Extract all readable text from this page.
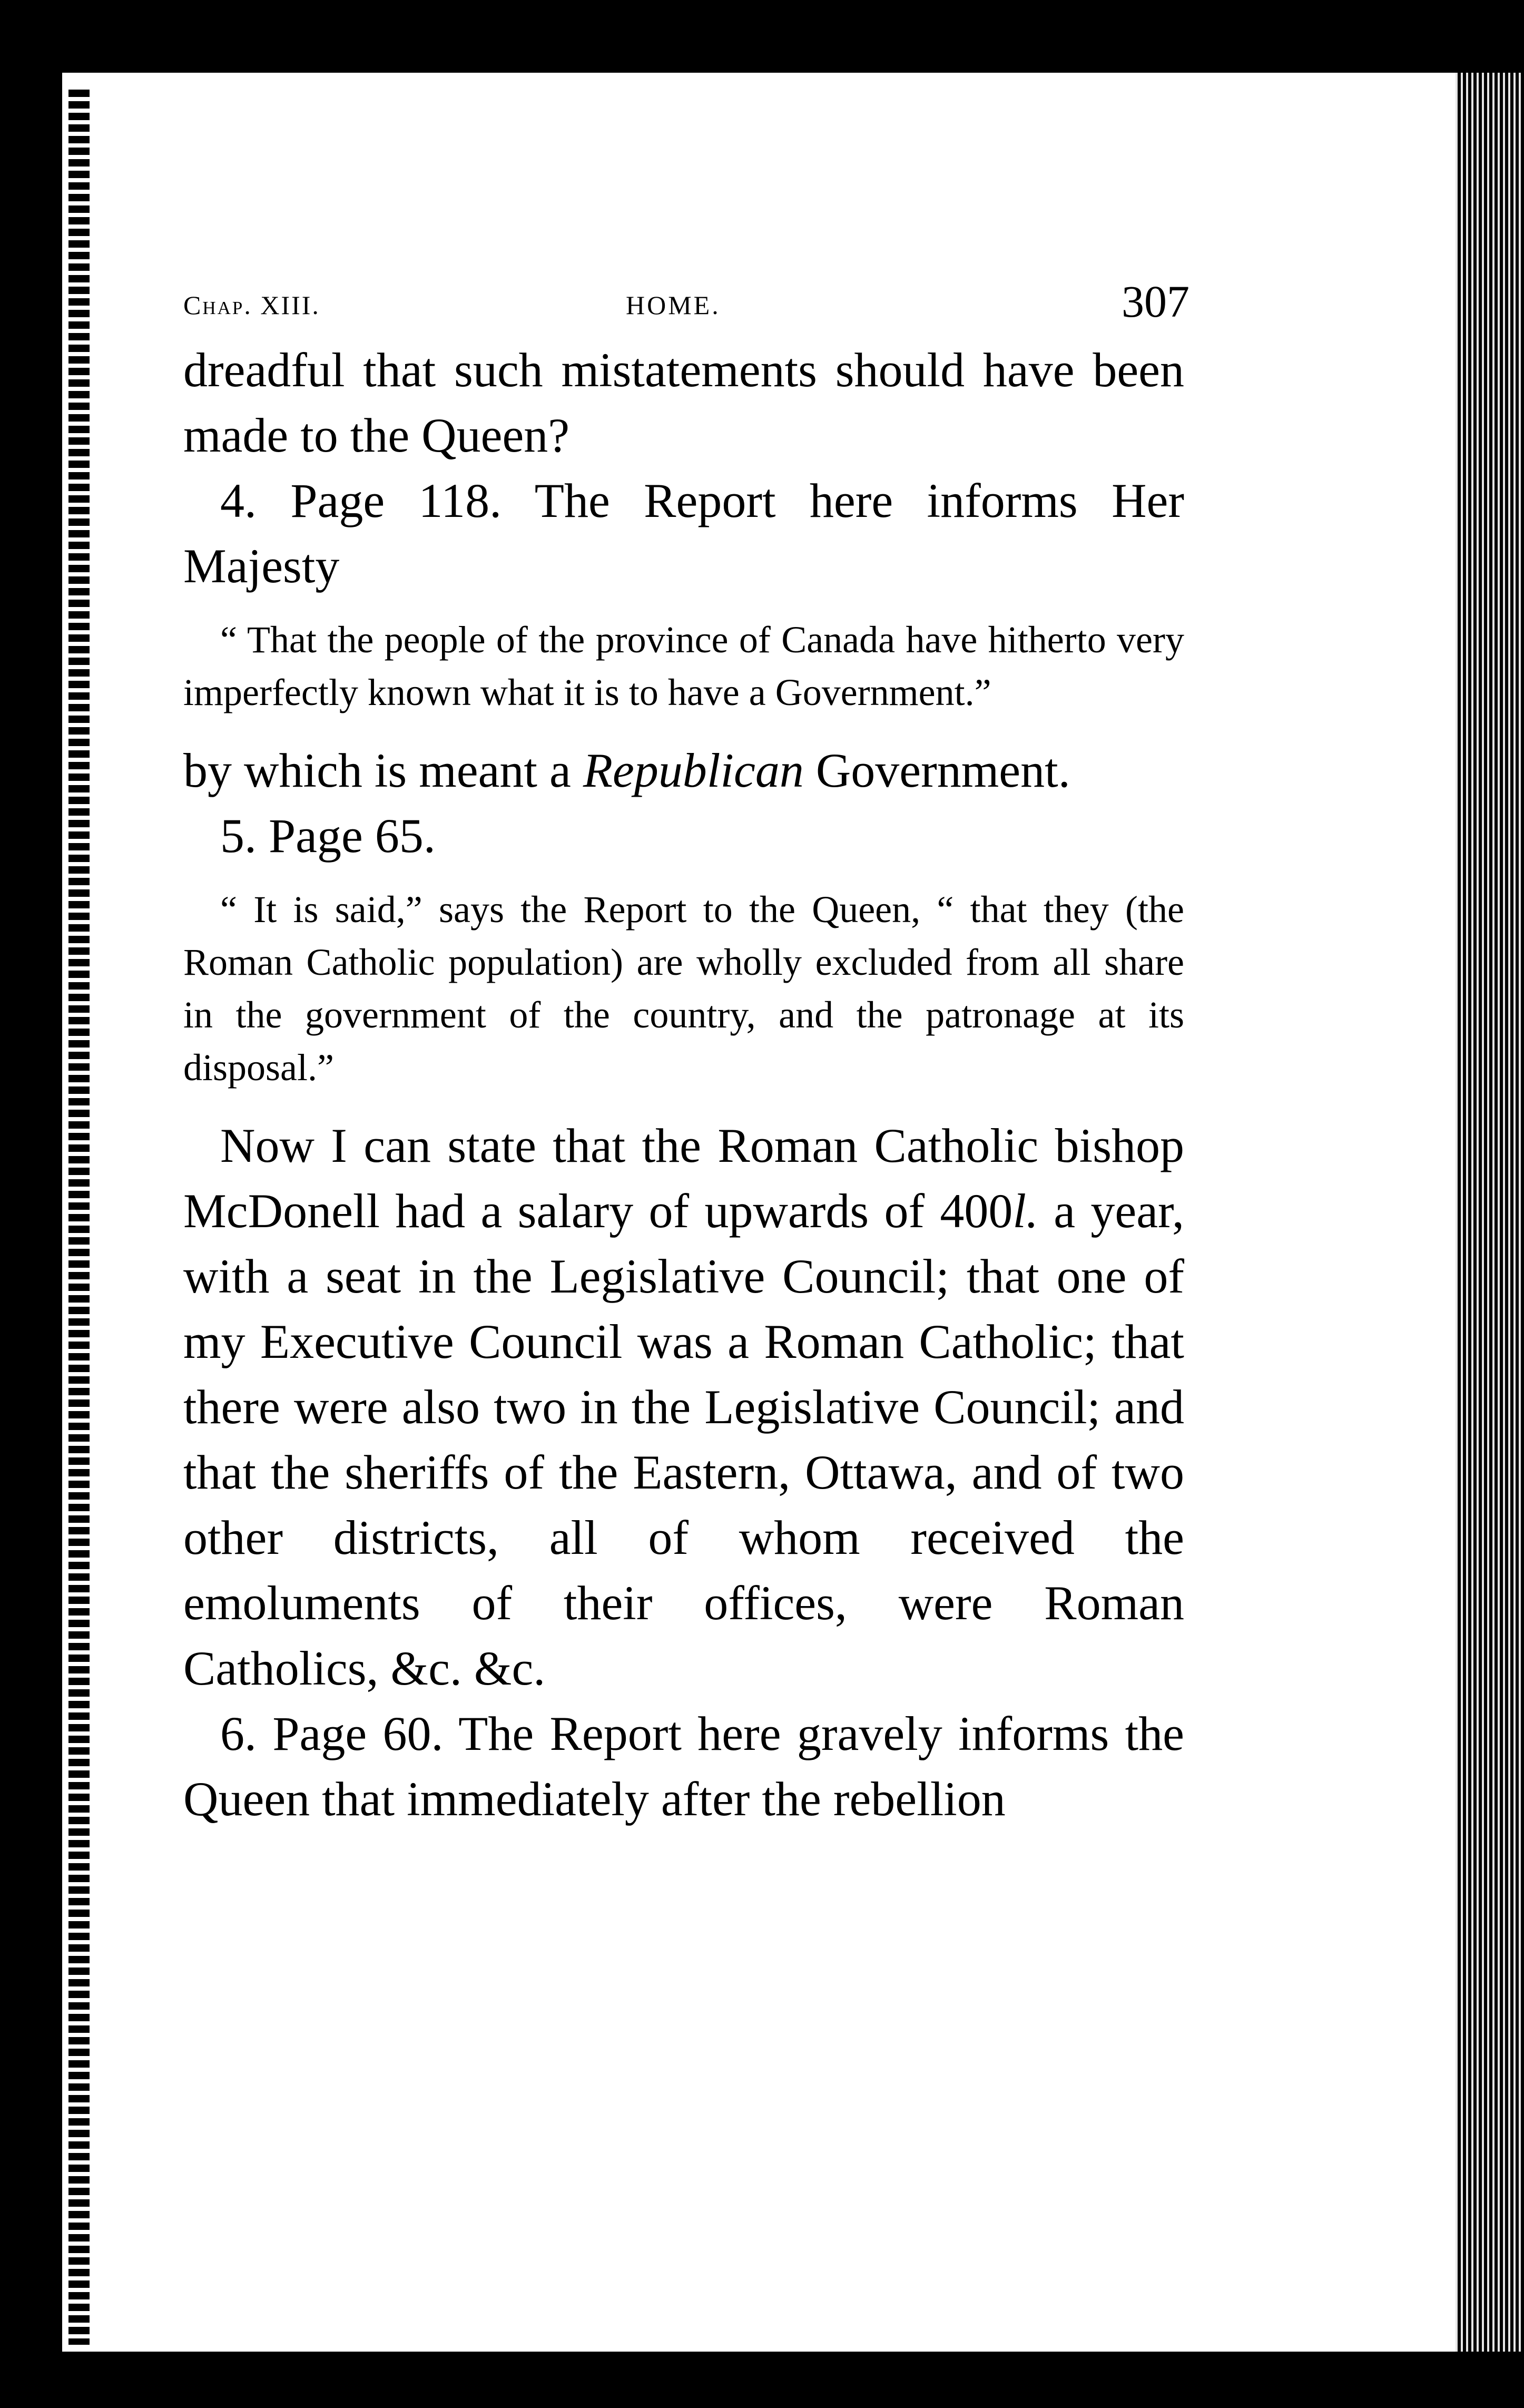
Chap. XIII.	HOME.	307

dreadful that such mistatements should have been made to the Queen?

4. Page 118. The Report here informs Her Majesty

“ That the people of the province of Canada have hitherto very imperfectly known what it is to have a Government.”

by which is meant a Republican Government.

5. Page 65.

“ It is said,” says the Report to the Queen, “ that they (the Roman Catholic population) are wholly excluded from all share in the government of the country, and the patronage at its disposal.”

Now I can state that the Roman Catholic bishop McDonell had a salary of upwards of 400l. a year, with a seat in the Legislative Council; that one of my Executive Council was a Roman Catholic; that there were also two in the Legislative Council; and that the sheriffs of the Eastern, Ottawa, and of two other districts, all of whom received the emoluments of their offices, were Roman Catholics, &c. &c.

6. Page 60. The Report here gravely informs the Queen that immediately after the rebellion
